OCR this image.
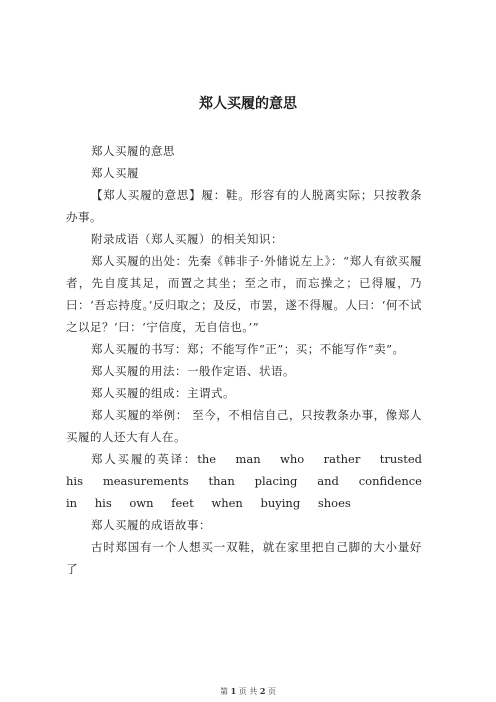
郑人买履的意思

郑人买履的意思

郑人买履

【郑人买履的意思】履：鞋。形容有的人脱离实际；只按教条办事。

附录成语（郑人买履）的相关知识：

郑人买履的出处：先秦《韩非子·外储说左上》：“郑人有欲买履者，先自度其足，而置之其坐；至之市，而忘操之；已得履，乃曰：‘吾忘持度。’反归取之；及反，市罢，遂不得履。人曰：‘何不试之以足？’曰：‘宁信度，无自信也。’”

郑人买履的书写：郑；不能写作“正”；买；不能写作“卖”。

郑人买履的用法：一般作定语、状语。

郑人买履的组成：主谓式。

郑人买履的举例： 至今，不相信自己，只按教条办事，像郑人买履的人还大有人在。

郑人买履的英译：the man who rather trusted his measurements than placing and confidence in his own feet when buying shoes

郑人买履的成语故事：

古时郑国有一个人想买一双鞋，就在家里把自己脚的大小量好了

第 1 页 共 2 页
